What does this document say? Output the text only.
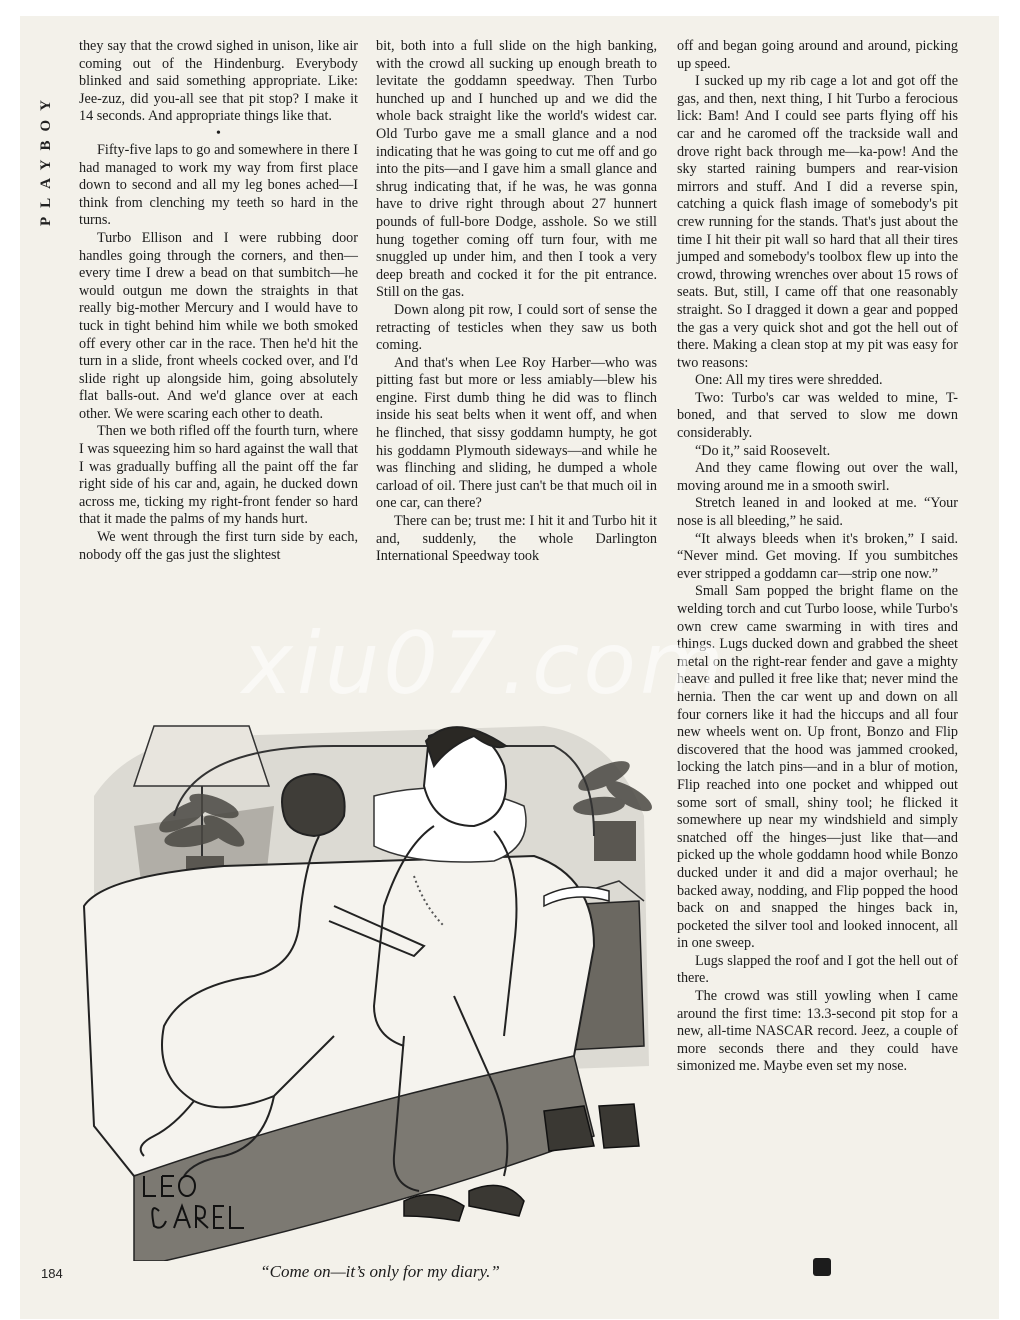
PLAYBOY

they say that the crowd sighed in unison, like air coming out of the Hindenburg. Everybody blinked and said something appropriate. Like: Jee-zuz, did you-all see that pit stop? I make it 14 seconds. And appropriate things like that.

•

Fifty-five laps to go and somewhere in there I had managed to work my way from first place down to second and all my leg bones ached—I think from clenching my teeth so hard in the turns.

Turbo Ellison and I were rubbing door handles going through the corners, and then—every time I drew a bead on that sumbitch—he would outgun me down the straights in that really big-mother Mercury and I would have to tuck in tight behind him while we both smoked off every other car in the race. Then he'd hit the turn in a slide, front wheels cocked over, and I'd slide right up alongside him, going absolutely flat balls-out. And we'd glance over at each other. We were scaring each other to death.

Then we both rifled off the fourth turn, where I was squeezing him so hard against the wall that I was gradually buffing all the paint off the far right side of his car and, again, he ducked down across me, ticking my right-front fender so hard that it made the palms of my hands hurt.

We went through the first turn side by each, nobody off the gas just the slightest

bit, both into a full slide on the high banking, with the crowd all sucking up enough breath to levitate the goddamn speedway. Then Turbo hunched up and I hunched up and we did the whole back straight like the world's widest car. Old Turbo gave me a small glance and a nod indicating that he was going to cut me off and go into the pits—and I gave him a small glance and shrug indicating that, if he was, he was gonna have to drive right through about 27 hunnert pounds of full-bore Dodge, asshole. So we still hung together coming off turn four, with me snuggled up under him, and then I took a very deep breath and cocked it for the pit entrance. Still on the gas.

Down along pit row, I could sort of sense the retracting of testicles when they saw us both coming.

And that's when Lee Roy Harber—who was pitting fast but more or less amiably—blew his engine. First dumb thing he did was to flinch inside his seat belts when it went off, and when he flinched, that sissy goddamn humpty, he got his goddamn Plymouth sideways—and while he was flinching and sliding, he dumped a whole carload of oil. There just can't be that much oil in one car, can there?

There can be; trust me: I hit it and Turbo hit it and, suddenly, the whole Darlington International Speedway took

off and began going around and around, picking up speed.

I sucked up my rib cage a lot and got off the gas, and then, next thing, I hit Turbo a ferocious lick: Bam! And I could see parts flying off his car and he caromed off the trackside wall and drove right back through me—ka-pow! And the sky started raining bumpers and rear-vision mirrors and stuff. And I did a reverse spin, catching a quick flash image of somebody's pit crew running for the stands. That's just about the time I hit their pit wall so hard that all their tires jumped and somebody's toolbox flew up into the crowd, throwing wrenches over about 15 rows of seats. But, still, I came off that one reasonably straight. So I dragged it down a gear and popped the gas a very quick shot and got the hell out of there. Making a clean stop at my pit was easy for two reasons:

One: All my tires were shredded.

Two: Turbo's car was welded to mine, T-boned, and that served to slow me down considerably.

“Do it,” said Roosevelt.

And they came flowing out over the wall, moving around me in a smooth swirl.

Stretch leaned in and looked at me. “Your nose is all bleeding,” he said.

“It always bleeds when it's broken,” I said. “Never mind. Get moving. If you sumbitches ever stripped a goddamn car—strip one now.”

Small Sam popped the bright flame on the welding torch and cut Turbo loose, while Turbo's own crew came swarming in with tires and things. Lugs ducked down and grabbed the sheet metal on the right-rear fender and gave a mighty heave and pulled it free like that; never mind the hernia. Then the car went up and down on all four corners like it had the hiccups and all four new wheels went on. Up front, Bonzo and Flip discovered that the hood was jammed crooked, locking the latch pins—and in a blur of motion, Flip reached into one pocket and whipped out some sort of small, shiny tool; he flicked it somewhere up near my windshield and simply snatched off the hinges—just like that—and picked up the whole goddamn hood while Bonzo ducked under it and did a major overhaul; he backed away, nodding, and Flip popped the hood back on and snapped the hinges back in, pocketed the silver tool and looked innocent, all in one sweep.

Lugs slapped the roof and I got the hell out of there.

The crowd was still yowling when I came around the first time: 13.3-second pit stop for a new, all-time NASCAR record. Jeez, a couple of more seconds there and they could have simonized me. Maybe even set my nose.

xiu07.com
“Come on—it’s only for my diary.”
184
